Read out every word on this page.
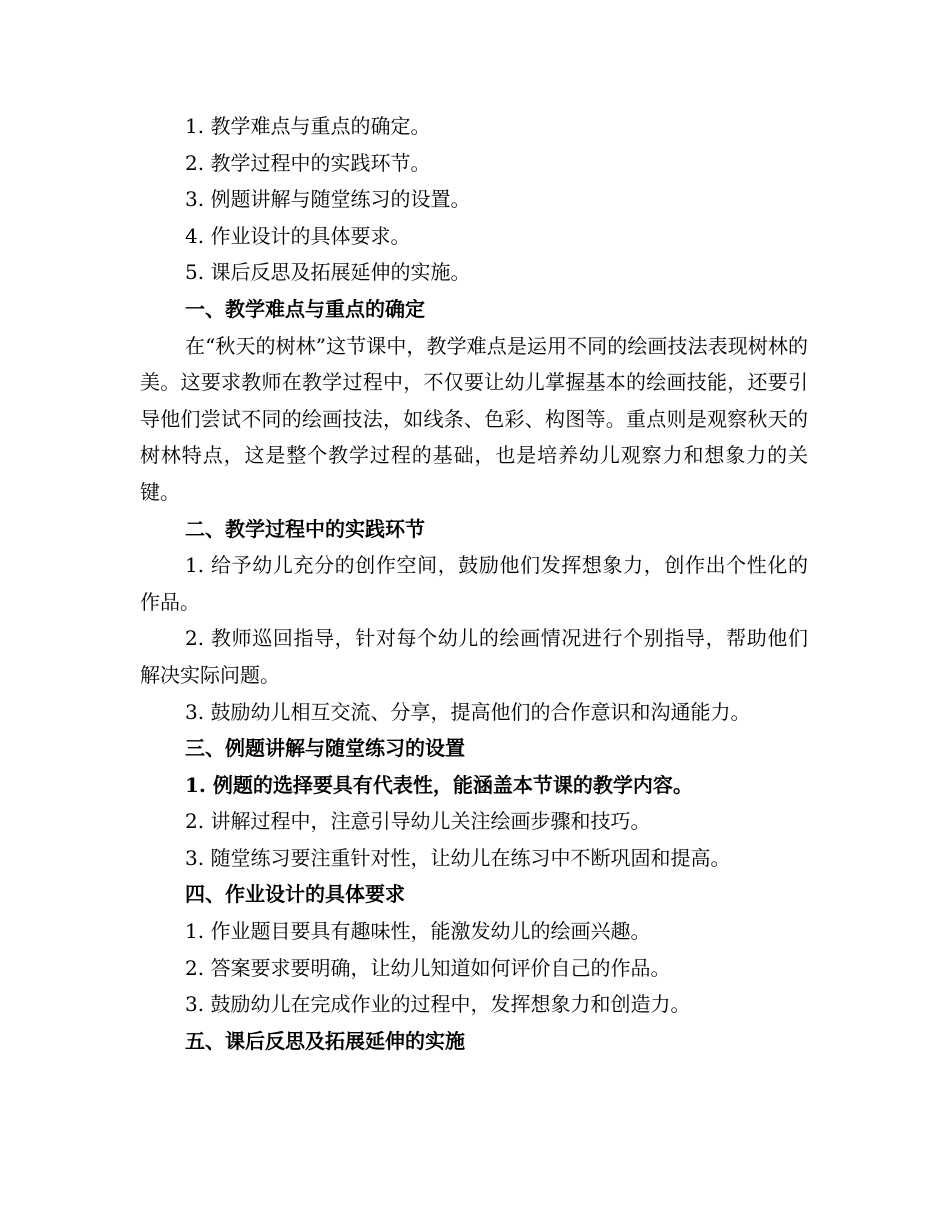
1. 教学难点与重点的确定。

2. 教学过程中的实践环节。

3. 例题讲解与随堂练习的设置。

4. 作业设计的具体要求。

5. 课后反思及拓展延伸的实施。

一、教学难点与重点的确定

在“秋天的树林”这节课中，教学难点是运用不同的绘画技法表现树林的美。这要求教师在教学过程中，不仅要让幼儿掌握基本的绘画技能，还要引导他们尝试不同的绘画技法，如线条、色彩、构图等。重点则是观察秋天的树林特点，这是整个教学过程的基础，也是培养幼儿观察力和想象力的关键。

二、教学过程中的实践环节

1. 给予幼儿充分的创作空间，鼓励他们发挥想象力，创作出个性化的作品。

2. 教师巡回指导，针对每个幼儿的绘画情况进行个别指导，帮助他们解决实际问题。

3. 鼓励幼儿相互交流、分享，提高他们的合作意识和沟通能力。

三、例题讲解与随堂练习的设置

1. 例题的选择要具有代表性，能涵盖本节课的教学内容。

2. 讲解过程中，注意引导幼儿关注绘画步骤和技巧。

3. 随堂练习要注重针对性，让幼儿在练习中不断巩固和提高。

四、作业设计的具体要求

1. 作业题目要具有趣味性，能激发幼儿的绘画兴趣。

2. 答案要求要明确，让幼儿知道如何评价自己的作品。

3. 鼓励幼儿在完成作业的过程中，发挥想象力和创造力。

五、课后反思及拓展延伸的实施
